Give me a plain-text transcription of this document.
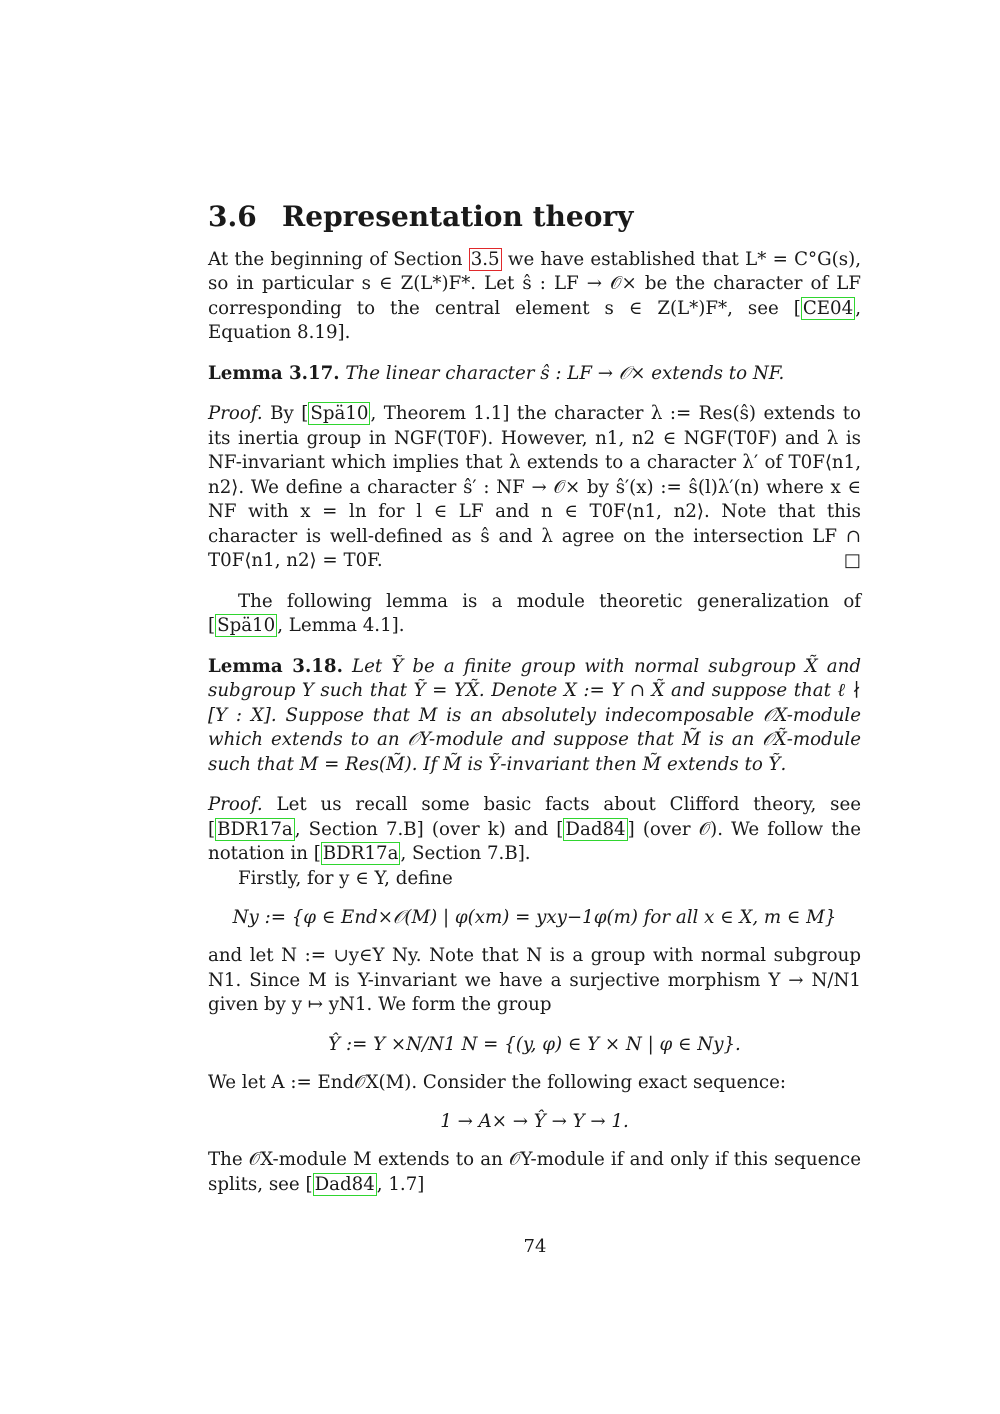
3.6 Representation theory

At the beginning of Section 3.5 we have established that L* = C°G(s), so in particular s ∈ Z(L*)F*. Let ŝ : LF → 𝒪× be the character of LF corresponding to the central element s ∈ Z(L*)F*, see [ CE04 , Equation 8.19].

Lemma 3.17. The linear character ŝ : LF → 𝒪× extends to NF.

Proof. By [ Spä10 , Theorem 1.1] the character λ := Res(ŝ) extends to its inertia group in NGF(T0F). However, n1, n2 ∈ NGF(T0F) and λ is NF-invariant which implies that λ extends to a character λ′ of T0F⟨n1, n2⟩. We define a character ŝ′ : NF → 𝒪× by ŝ′(x) := ŝ(l)λ′(n) where x ∈ NF with x = ln for l ∈ LF and n ∈ T0F⟨n1, n2⟩. Note that this character is well-defined as ŝ and λ agree on the intersection LF ∩ T0F⟨n1, n2⟩ = T0F.	□

The following lemma is a module theoretic generalization of [ Spä10 , Lemma 4.1].

Lemma 3.18. Let Ỹ be a finite group with normal subgroup X̃ and subgroup Y such that Ỹ = YX̃. Denote X := Y ∩ X̃ and suppose that ℓ ∤ [Y : X]. Suppose that M is an absolutely indecomposable 𝒪X-module which extends to an 𝒪Y-module and suppose that M̃ is an 𝒪X̃-module such that M = Res(M̃). If M̃ is Ỹ-invariant then M̃ extends to Ỹ.

Proof. Let us recall some basic facts about Clifford theory, see [ BDR17a , Section 7.B] (over k) and [ Dad84 ] (over 𝒪). We follow the notation in [ BDR17a , Section 7.B].

Firstly, for y ∈ Y, define

Ny := {φ ∈ End×𝒪(M) | φ(xm) = yxy−1φ(m) for all x ∈ X, m ∈ M}

and let N := ∪y∈Y Ny. Note that N is a group with normal subgroup N1. Since M is Y-invariant we have a surjective morphism Y → N/N1 given by y ↦ yN1. We form the group

Ŷ := Y ×N/N1 N = {(y, φ) ∈ Y × N | φ ∈ Ny}.

We let A := End𝒪X(M). Consider the following exact sequence:

1 → A× → Ŷ → Y → 1.

The 𝒪X-module M extends to an 𝒪Y-module if and only if this sequence splits, see [ Dad84 , 1.7]

74
